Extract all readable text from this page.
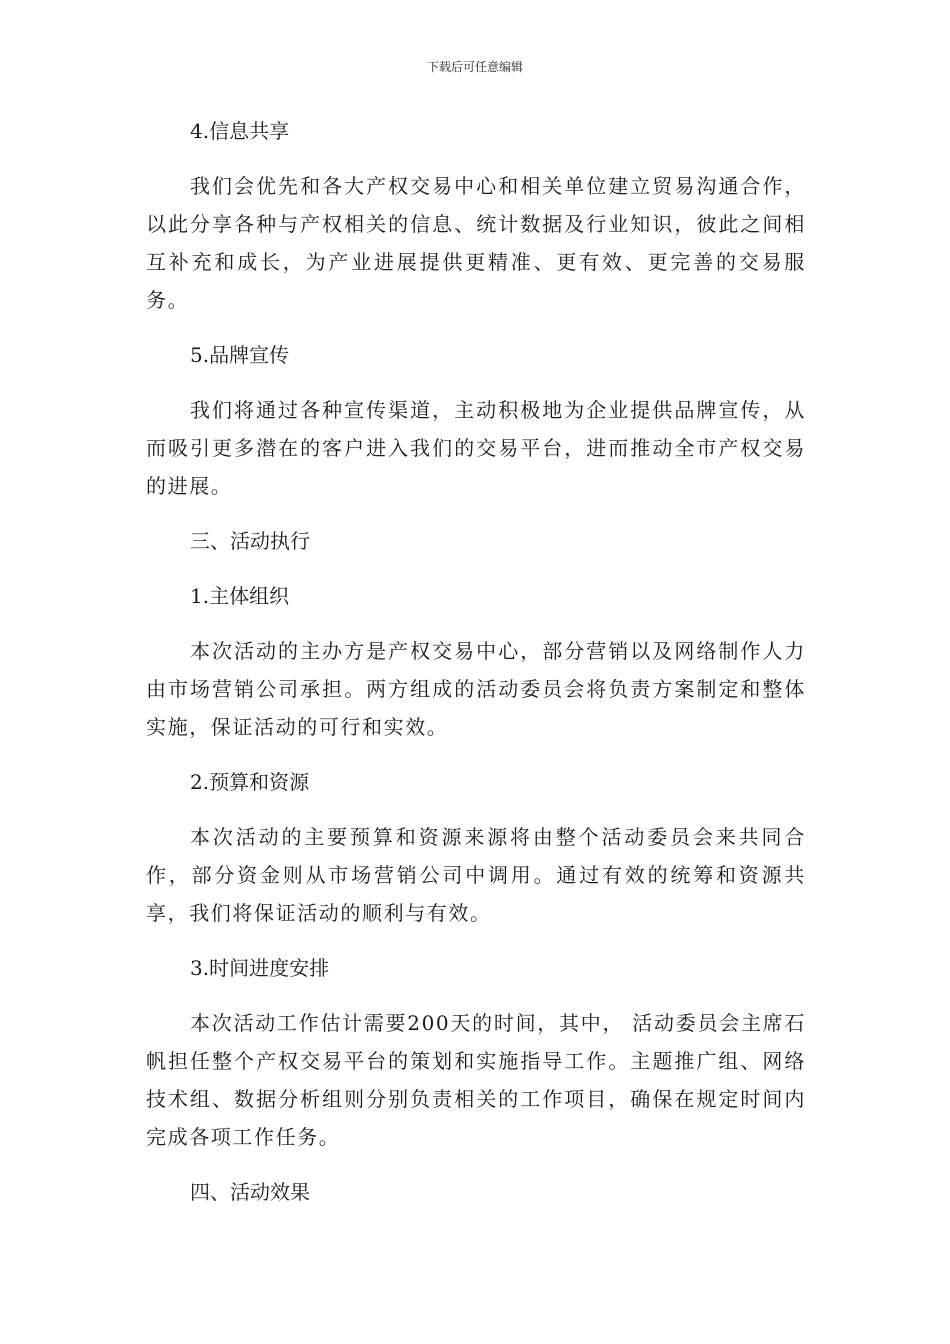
下载后可任意编辑
4.信息共享
我们会优先和各大产权交易中心和相关单位建立贸易沟通合作，以此分享各种与产权相关的信息、统计数据及行业知识，彼此之间相互补充和成长，为产业进展提供更精准、更有效、更完善的交易服务。
5.品牌宣传
我们将通过各种宣传渠道，主动积极地为企业提供品牌宣传，从而吸引更多潜在的客户进入我们的交易平台，进而推动全市产权交易的进展。
三、活动执行
1.主体组织
本次活动的主办方是产权交易中心，部分营销以及网络制作人力由市场营销公司承担。两方组成的活动委员会将负责方案制定和整体实施，保证活动的可行和实效。
2.预算和资源
本次活动的主要预算和资源来源将由整个活动委员会来共同合作，部分资金则从市场营销公司中调用。通过有效的统筹和资源共享，我们将保证活动的顺利与有效。
3.时间进度安排
本次活动工作估计需要200天的时间，其中， 活动委员会主席石帆担任整个产权交易平台的策划和实施指导工作。主题推广组、网络技术组、数据分析组则分别负责相关的工作项目，确保在规定时间内完成各项工作任务。
四、活动效果
